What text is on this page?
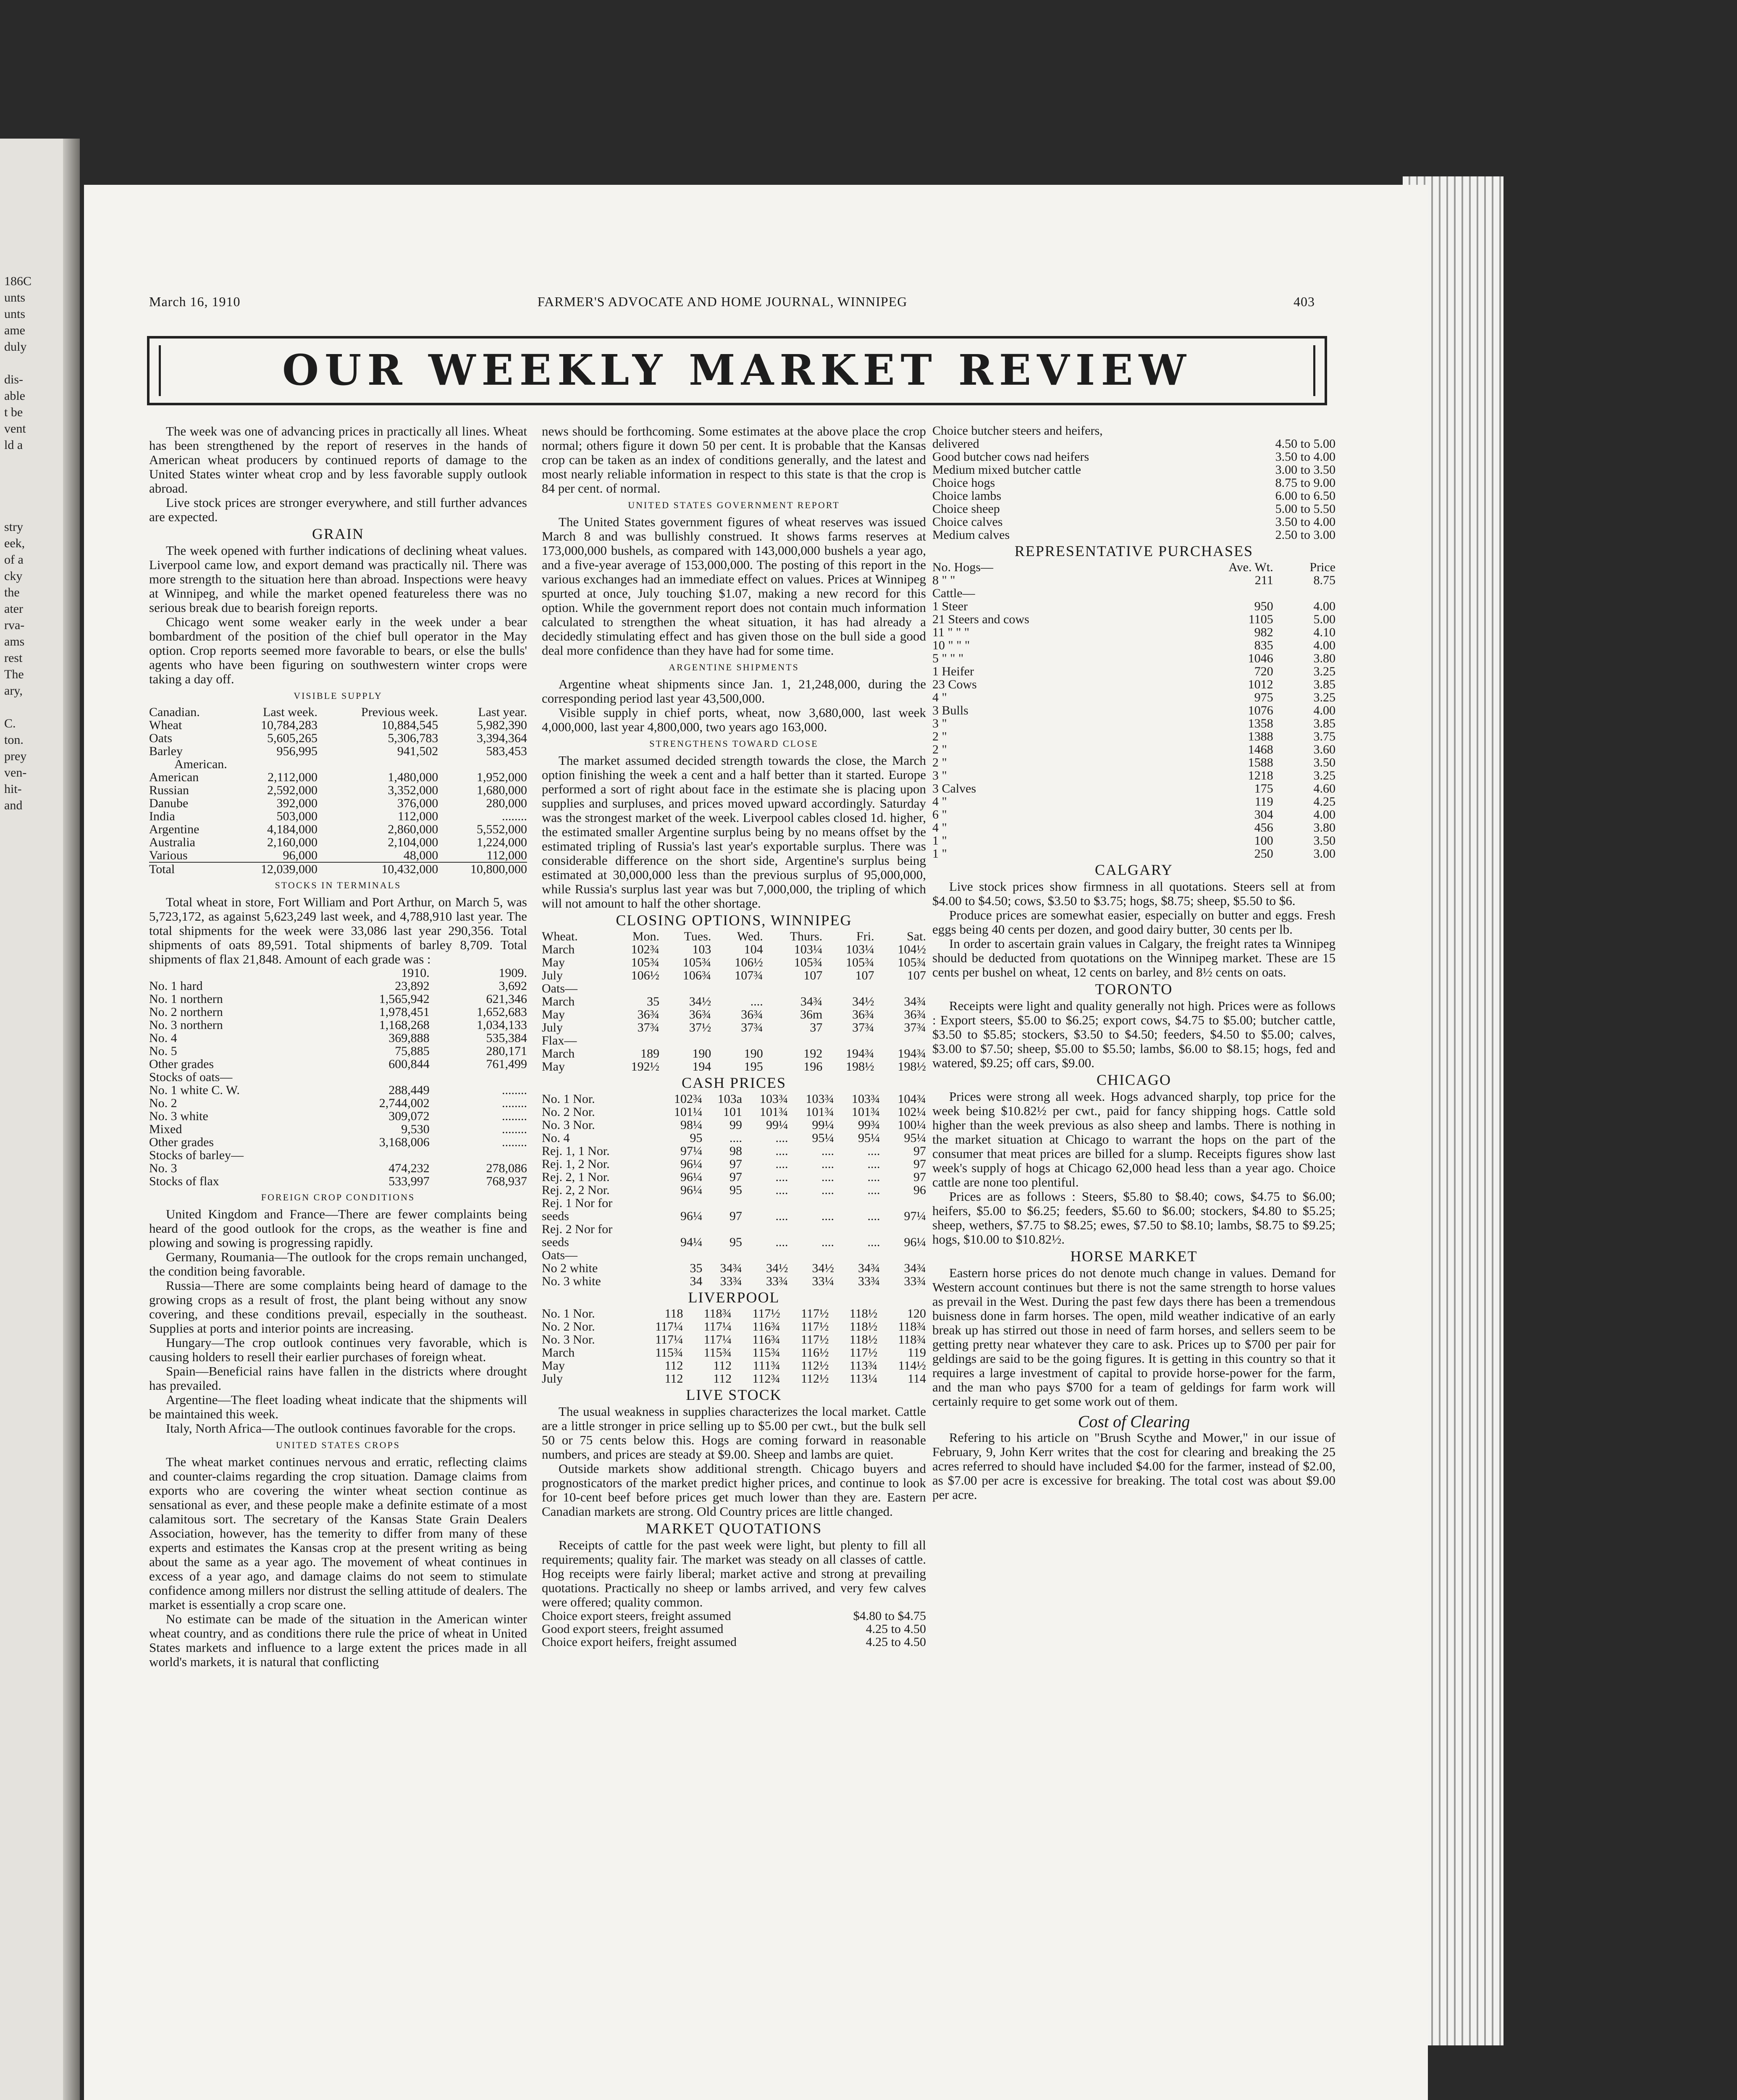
186C
unts
unts
ame
duly
dis-
able
t be
vent
ld a
stry
eek,
of a
cky
the
ater
rva-
ams
rest
The
ary,
C.
ton.
prey
ven-
hit-
and
March 16, 1910	FARMER'S ADVOCATE AND HOME JOURNAL, WINNIPEG	403
OUR WEEKLY MARKET REVIEW

The week was one of advancing prices in practically all lines. Wheat has been strengthened by the report of reserves in the hands of American wheat producers by continued reports of damage to the United States winter wheat crop and by less favorable supply outlook abroad.

Live stock prices are stronger everywhere, and still further advances are expected.

GRAIN

The week opened with further indications of declining wheat values. Liverpool came low, and export demand was practically nil. There was more strength to the situation here than abroad. Inspections were heavy at Winnipeg, and while the market opened featureless there was no serious break due to bearish foreign reports.

Chicago went some weaker early in the week under a bear bombardment of the position of the chief bull operator in the May option. Crop reports seemed more favorable to bears, or else the bulls' agents who have been figuring on southwestern winter crops were taking a day off.

VISIBLE SUPPLY
Canadian.	Last week.	Previous week.	Last year.
Wheat	10,784,283	10,884,545	5,982,390
Oats	5,605,265	5,306,783	3,394,364
Barley	956,995	941,502	583,453
American.			
American	2,112,000	1,480,000	1,952,000
Russian	2,592,000	3,352,000	1,680,000
Danube	392,000	376,000	280,000
India	503,000	112,000	........
Argentine	4,184,000	2,860,000	5,552,000
Australia	2,160,000	2,104,000	1,224,000
Various	96,000	48,000	112,000
Total	12,039,000	10,432,000	10,800,000
STOCKS IN TERMINALS

Total wheat in store, Fort William and Port Arthur, on March 5, was 5,723,172, as against 5,623,249 last week, and 4,788,910 last year. The total shipments for the week were 33,086 last year 290,356. Total shipments of oats 89,591. Total shipments of barley 8,709. Total shipments of flax 21,848. Amount of each grade was :

	1910.	1909.
No. 1 hard	23,892	3,692
No. 1 northern	1,565,942	621,346
No. 2 northern	1,978,451	1,652,683
No. 3 northern	1,168,268	1,034,133
No. 4	369,888	535,384
No. 5	75,885	280,171
Other grades	600,844	761,499
Stocks of oats—		
No. 1 white C. W.	288,449	........
No. 2	2,744,002	........
No. 3 white	309,072	........
Mixed	9,530	........
Other grades	3,168,006	........
Stocks of barley—		
No. 3	474,232	278,086
Stocks of flax	533,997	768,937
FOREIGN CROP CONDITIONS

United Kingdom and France—There are fewer complaints being heard of the good outlook for the crops, as the weather is fine and plowing and sowing is progressing rapidly.

Germany, Roumania—The outlook for the crops remain unchanged, the condition being favorable.

Russia—There are some complaints being heard of damage to the growing crops as a result of frost, the plant being without any snow covering, and these conditions prevail, especially in the southeast. Supplies at ports and interior points are increasing.

Hungary—The crop outlook continues very favorable, which is causing holders to resell their earlier purchases of foreign wheat.

Spain—Beneficial rains have fallen in the districts where drought has prevailed.

Argentine—The fleet loading wheat indicate that the shipments will be maintained this week.

Italy, North Africa—The outlook continues favorable for the crops.

UNITED STATES CROPS

The wheat market continues nervous and erratic, reflecting claims and counter-claims regarding the crop situation. Damage claims from exports who are covering the winter wheat section continue as sensational as ever, and these people make a definite estimate of a most calamitous sort. The secretary of the Kansas State Grain Dealers Association, however, has the temerity to differ from many of these experts and estimates the Kansas crop at the present writing as being about the same as a year ago. The movement of wheat continues in excess of a year ago, and damage claims do not seem to stimulate confidence among millers nor distrust the selling attitude of dealers. The market is essentially a crop scare one.

No estimate can be made of the situation in the American winter wheat country, and as conditions there rule the price of wheat in United States markets and influence to a large extent the prices made in all world's markets, it is natural that conflicting

news should be forthcoming. Some estimates at the above place the crop normal; others figure it down 50 per cent. It is probable that the Kansas crop can be taken as an index of conditions generally, and the latest and most nearly reliable information in respect to this state is that the crop is 84 per cent. of normal.

UNITED STATES GOVERNMENT REPORT

The United States government figures of wheat reserves was issued March 8 and was bullishly construed. It shows farms reserves at 173,000,000 bushels, as compared with 143,000,000 bushels a year ago, and a five-year average of 153,000,000. The posting of this report in the various exchanges had an immediate effect on values. Prices at Winnipeg spurted at once, July touching $1.07, making a new record for this option. While the government report does not contain much information calculated to strengthen the wheat situation, it has had already a decidedly stimulating effect and has given those on the bull side a good deal more confidence than they have had for some time.

ARGENTINE SHIPMENTS

Argentine wheat shipments since Jan. 1, 21,248,000, during the corresponding period last year 43,500,000.

Visible supply in chief ports, wheat, now 3,680,000, last week 4,000,000, last year 4,800,000, two years ago 163,000.

STRENGTHENS TOWARD CLOSE

The market assumed decided strength towards the close, the March option finishing the week a cent and a half better than it started. Europe performed a sort of right about face in the estimate she is placing upon supplies and surpluses, and prices moved upward accordingly. Saturday was the strongest market of the week. Liverpool cables closed 1d. higher, the estimated smaller Argentine surplus being by no means offset by the estimated tripling of Russia's last year's exportable surplus. There was considerable difference on the short side, Argentine's surplus being estimated at 30,000,000 less than the previous surplus of 95,000,000, while Russia's surplus last year was but 7,000,000, the tripling of which will not amount to half the other shortage.

CLOSING OPTIONS, WINNIPEG
Wheat.	Mon.	Tues.	Wed.	Thurs.	Fri.	Sat.
March	102¾	103	104	103¼	103¼	104½
May	105¾	105¾	106½	105¾	105¾	105¾
July	106½	106¾	107¾	107	107	107
Oats—						
March	35	34½	....	34¾	34½	34¾
May	36¾	36¾	36¾	36m	36¾	36¾
July	37¾	37½	37¾	37	37¾	37¾
Flax—						
March	189	190	190	192	194¾	194¾
May	192½	194	195	196	198½	198½
CASH PRICES
No. 1 Nor.	102¾	103a	103¾	103¾	103¾	104¾
No. 2 Nor.	101¼	101	101¾	101¾	101¾	102¼
No. 3 Nor.	98¼	99	99¼	99¼	99¾	100¼
No. 4	95	....	....	95¼	95¼	95¼
Rej. 1, 1 Nor.	97¼	98	....	....	....	97
Rej. 1, 2 Nor.	96¼	97	....	....	....	97
Rej. 2, 1 Nor.	96¼	97	....	....	....	97
Rej. 2, 2 Nor.	96¼	95	....	....	....	96
Rej. 1 Nor for						
seeds	96¼	97	....	....	....	97¼
Rej. 2 Nor for						
seeds	94¼	95	....	....	....	96¼
Oats—						
No 2 white	35	34¾	34½	34½	34¾	34¾
No. 3 white	34	33¾	33¾	33¼	33¾	33¾
LIVERPOOL
No. 1 Nor.	118	118¾	117½	117½	118½	120
No. 2 Nor.	117¼	117¼	116¾	117½	118½	118¾
No. 3 Nor.	117¼	117¼	116¾	117½	118½	118¾
March	115¾	115¾	115¾	116½	117½	119
May	112	112	111¾	112½	113¾	114½
July	112	112	112¾	112½	113¼	114
LIVE STOCK

The usual weakness in supplies characterizes the local market. Cattle are a little stronger in price selling up to $5.00 per cwt., but the bulk sell 50 or 75 cents below this. Hogs are coming forward in reasonable numbers, and prices are steady at $9.00. Sheep and lambs are quiet.

Outside markets show additional strength. Chicago buyers and prognosticators of the market predict higher prices, and continue to look for 10-cent beef before prices get much lower than they are. Eastern Canadian markets are strong. Old Country prices are little changed.

MARKET QUOTATIONS

Receipts of cattle for the past week were light, but plenty to fill all requirements; quality fair. The market was steady on all classes of cattle. Hog receipts were fairly liberal; market active and strong at prevailing quotations. Practically no sheep or lambs arrived, and very few calves were offered; quality common.

Choice export steers, freight assumed	$4.80 to $4.75
Good export steers, freight assumed	4.25 to 4.50
Choice export heifers, freight assumed	4.25 to 4.50
Choice butcher steers and heifers,	
delivered	4.50 to 5.00
Good butcher cows nad heifers	3.50 to 4.00
Medium mixed butcher cattle	3.00 to 3.50
Choice hogs	8.75 to 9.00
Choice lambs	6.00 to 6.50
Choice sheep	5.00 to 5.50
Choice calves	3.50 to 4.00
Medium calves	2.50 to 3.00
REPRESENTATIVE PURCHASES
No. Hogs—	Ave. Wt.	Price
8 " "	211	8.75
Cattle—		
1 Steer	950	4.00
21 Steers and cows	1105	5.00
11 " " "	982	4.10
10 " " "	835	4.00
5 " " "	1046	3.80
1 Heifer	720	3.25
23 Cows	1012	3.85
4 "	975	3.25
3 Bulls	1076	4.00
3 "	1358	3.85
2 "	1388	3.75
2 "	1468	3.60
2 "	1588	3.50
3 "	1218	3.25
3 Calves	175	4.60
4 "	119	4.25
6 "	304	4.00
4 "	456	3.80
1 "	100	3.50
1 "	250	3.00
CALGARY

Live stock prices show firmness in all quotations. Steers sell at from $4.00 to $4.50; cows, $3.50 to $3.75; hogs, $8.75; sheep, $5.50 to $6.

Produce prices are somewhat easier, especially on butter and eggs. Fresh eggs being 40 cents per dozen, and good dairy butter, 30 cents per lb.

In order to ascertain grain values in Calgary, the freight rates ta Winnipeg should be deducted from quotations on the Winnipeg market. These are 15 cents per bushel on wheat, 12 cents on barley, and 8½ cents on oats.

TORONTO

Receipts were light and quality generally not high. Prices were as follows : Export steers, $5.00 to $6.25; export cows, $4.75 to $5.00; butcher cattle, $3.50 to $5.85; stockers, $3.50 to $4.50; feeders, $4.50 to $5.00; calves, $3.00 to $7.50; sheep, $5.00 to $5.50; lambs, $6.00 to $8.15; hogs, fed and watered, $9.25; off cars, $9.00.

CHICAGO

Prices were strong all week. Hogs advanced sharply, top price for the week being $10.82½ per cwt., paid for fancy shipping hogs. Cattle sold higher than the week previous as also sheep and lambs. There is nothing in the market situation at Chicago to warrant the hops on the part of the consumer that meat prices are billed for a slump. Receipts figures show last week's supply of hogs at Chicago 62,000 head less than a year ago. Choice cattle are none too plentiful.

Prices are as follows : Steers, $5.80 to $8.40; cows, $4.75 to $6.00; heifers, $5.00 to $6.25; feeders, $5.60 to $6.00; stockers, $4.80 to $5.25; sheep, wethers, $7.75 to $8.25; ewes, $7.50 to $8.10; lambs, $8.75 to $9.25; hogs, $10.00 to $10.82½.

HORSE MARKET

Eastern horse prices do not denote much change in values. Demand for Western account continues but there is not the same strength to horse values as prevail in the West. During the past few days there has been a tremendous buisness done in farm horses. The open, mild weather indicative of an early break up has stirred out those in need of farm horses, and sellers seem to be getting pretty near whatever they care to ask. Prices up to $700 per pair for geldings are said to be the going figures. It is getting in this country so that it requires a large investment of capital to provide horse-power for the farm, and the man who pays $700 for a team of geldings for farm work will certainly require to get some work out of them.

Cost of Clearing

Refering to his article on "Brush Scythe and Mower," in our issue of February, 9, John Kerr writes that the cost for clearing and breaking the 25 acres referred to should have included $4.00 for the farmer, instead of $2.00, as $7.00 per acre is excessive for breaking. The total cost was about $9.00 per acre.
